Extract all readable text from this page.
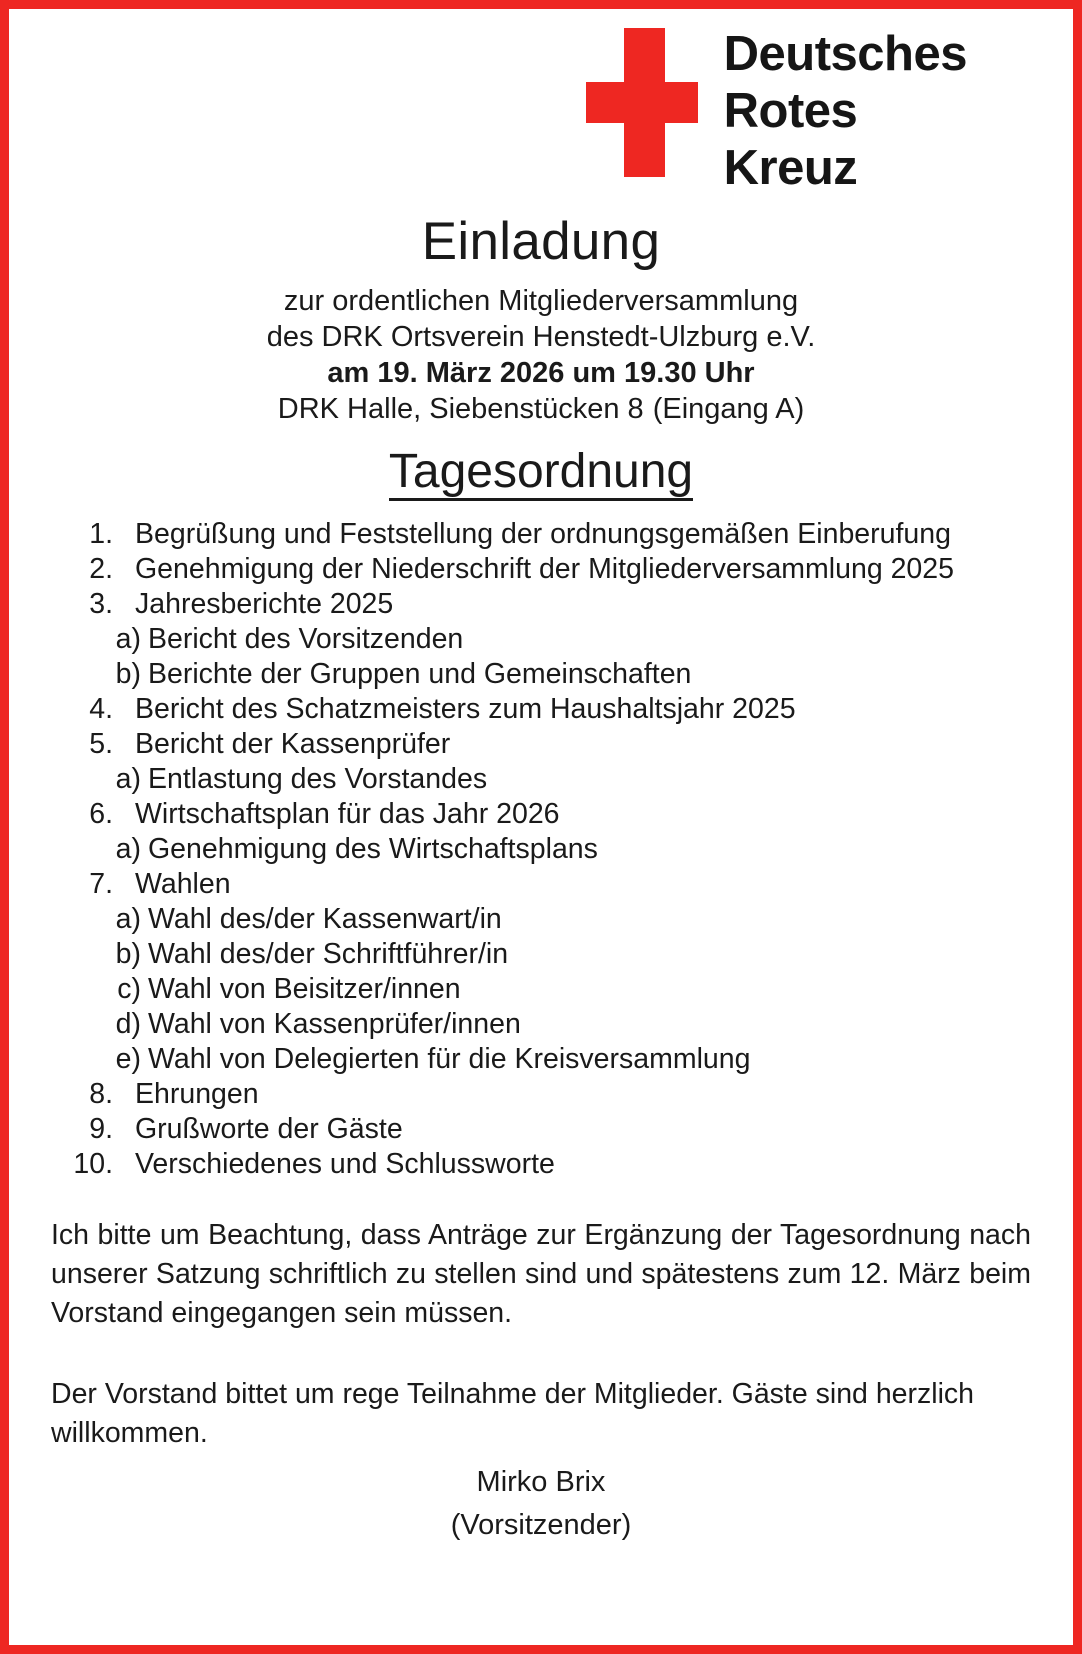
Deutsches
Rotes
Kreuz
Einladung
zur ordentlichen Mitgliederversammlung
des DRK Ortsverein Henstedt-Ulzburg e.V.
am 19. März 2026 um 19.30 Uhr
DRK Halle, Siebenstücken 8 (Eingang A)
Tagesordnung
1. Begrüßung und Feststellung der ordnungsgemäßen Einberufung
2. Genehmigung der Niederschrift der Mitgliederversammlung 2025
3. Jahresberichte 2025
a) Bericht des Vorsitzenden
b) Berichte der Gruppen und Gemeinschaften
4. Bericht des Schatzmeisters zum Haushaltsjahr 2025
5. Bericht der Kassenprüfer
a) Entlastung des Vorstandes
6. Wirtschaftsplan für das Jahr 2026
a) Genehmigung des Wirtschaftsplans
7. Wahlen
a) Wahl des/der Kassenwart/in
b) Wahl des/der Schriftführer/in
c) Wahl von Beisitzer/innen
d) Wahl von Kassenprüfer/innen
e) Wahl von Delegierten für die Kreisversammlung
8. Ehrungen
9. Grußworte der Gäste
10. Verschiedenes und Schlussworte
Ich bitte um Beachtung, dass Anträge zur Ergänzung der Tagesordnung nach unserer Satzung schriftlich zu stellen sind und spätestens zum 12. März beim Vorstand eingegangen sein müssen.
Der Vorstand bittet um rege Teilnahme der Mitglieder. Gäste sind herzlich willkommen.
Mirko Brix
(Vorsitzender)
